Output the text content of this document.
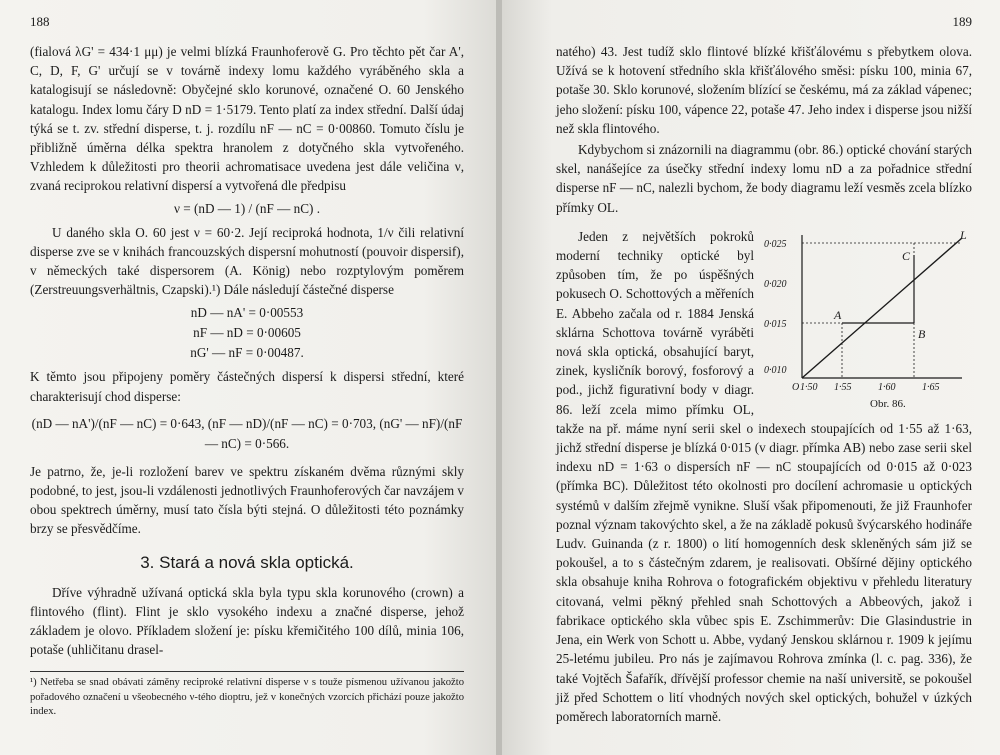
188

(fialová λG' = 434·1 μμ) je velmi blízká Fraunhoferově G. Pro těchto pět čar A', C, D, F, G' určují se v továrně indexy lomu každého vyráběného skla a katalogisují se následovně: Obyčejné sklo korunové, označené O. 60 Jenského katalogu. Index lomu čáry D nD = 1·5179. Tento platí za index střední. Další údaj týká se t. zv. střední disperse, t. j. rozdílu nF — nC = 0·00860. Tomuto číslu je přibližně úměrna délka spektra hranolem z dotyčného skla vytvořeného. Vzhledem k důležitosti pro theorii achromatisace uvedena jest dále veličina ν, zvaná reciprokou relativní dispersí a vytvořená dle předpisu

ν = (nD — 1) / (nF — nC) .

U daného skla O. 60 jest ν = 60·2. Její reciproká hodnota, 1/ν čili relativní disperse zve se v knihách francouzských dispersní mohutností (pouvoir dispersif), v německých také dispersorem (A. König) nebo rozptylovým poměrem (Zerstreuungsverhältnis, Czapski).¹) Dále následují částečné disperse

nD — nA' = 0·00553
nF — nD = 0·00605
nG' — nF = 0·00487.

K těmto jsou připojeny poměry částečných dispersí k dispersi střední, které charakterisují chod disperse:

(nD — nA')/(nF — nC) = 0·643, (nF — nD)/(nF — nC) = 0·703, (nG' — nF)/(nF — nC) = 0·566.

Je patrno, že, je-li rozložení barev ve spektru získaném dvěma různými skly podobné, to jest, jsou-li vzdálenosti jednotlivých Fraunhoferových čar navzájem v obou spektrech úměrny, musí tato čísla býti stejná. O důležitosti této poznámky brzy se přesvědčíme.

3. Stará a nová skla optická.

Dříve výhradně užívaná optická skla byla typu skla korunového (crown) a flintového (flint). Flint je sklo vysokého indexu a značné disperse, jehož základem je olovo. Příkladem složení je: písku křemičitého 100 dílů, minia 106, potaše (uhličitanu drasel-

¹) Netřeba se snad obávati záměny reciproké relativní disperse ν s touže písmenou užívanou jakožto pořadového označení u všeobecného ν-tého dioptru, jež v konečných vzorcích přichází pouze jakožto index.
189

natého) 43. Jest tudíž sklo flintové blízké křišťálovému s přebytkem olova. Užívá se k hotovení středního skla křišťálového směsi: písku 100, minia 67, potaše 30. Sklo korunové, složením blízící se českému, má za základ vápenec; jeho složení: písku 100, vápence 22, potaše 47. Jeho index i disperse jsou nižší než skla flintového.

Kdybychom si znázornili na diagrammu (obr. 86.) optické chování starých skel, nanášejíce za úsečky střední indexy lomu nD a za pořadnice střední disperse nF — nC, nalezli bychom, že body diagramu leží vesměs zcela blízko přímky OL.

0·025
0·020
0·015
0·010
O 1·50 1·55	1·60	1·65
A
B
C
L
Obr. 86.

Jeden z největších pokroků moderní techniky optické byl způsoben tím, že po úspěšných pokusech O. Schottových a měřeních E. Abbeho začala od r. 1884 Jenská sklárna Schottova továrně vyráběti nová skla optická, obsahující baryt, zinek, kysličník borový, fosforový a pod., jichž figurativní body v diagr. 86. leží zcela mimo přímku OL, takže na př. máme nyní serii skel o indexech stoupajících od 1·55 až 1·63, jichž střední disperse je blízká 0·015 (v diagr. přímka AB) nebo zase serii skel indexu nD = 1·63 o dispersích nF — nC stoupajících od 0·015 až 0·023 (přímka BC). Důležitost této okolnosti pro docílení achromasie u optických systémů v dalším zřejmě vynikne. Sluší však připomenouti, že již Fraunhofer poznal význam takovýchto skel, a že na základě pokusů švýcarského hodináře Ludv. Guinanda (z r. 1800) o lití homogenních desk skleněných sám již se pokoušel, a to s částečným zdarem, je realisovati. Obšírné dějiny optického skla obsahuje kniha Rohrova o fotografickém objektivu v přehledu literatury citovaná, velmi pěkný přehled snah Schottových a Abbeových, jakož i fabrikace optického skla vůbec spis E. Zschimmerův: Die Glasindustrie in Jena, ein Werk von Schott u. Abbe, vydaný Jenskou sklárnou r. 1909 k jejímu 25-letému jubileu. Pro nás je zajímavou Rohrova zmínka (l. c. pag. 336), že také Vojtěch Šafařík, dřívější professor chemie na naší universitě, se pokoušel již před Schottem o lití vhodných nových skel optických, bohužel v úzkých poměrech laboratorních marně.
